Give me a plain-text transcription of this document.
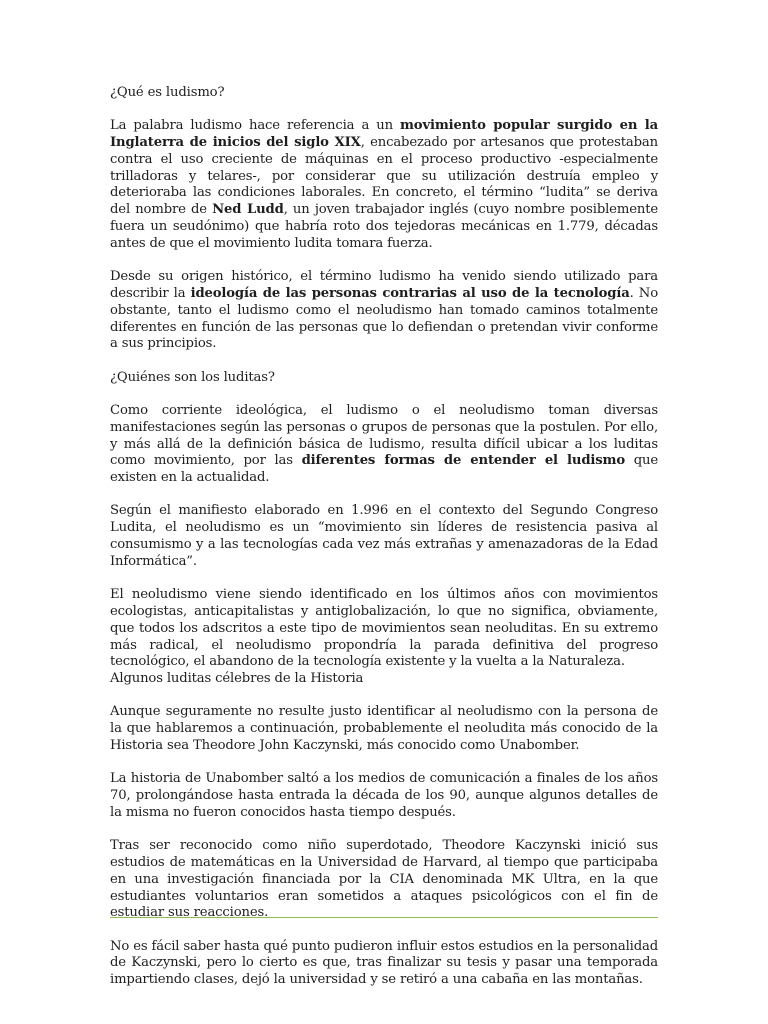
¿Qué es ludismo?

La palabra ludismo hace referencia a un movimiento popular surgido en la Inglaterra de inicios del siglo XIX, encabezado por artesanos que protestaban contra el uso creciente de máquinas en el proceso productivo -especialmente trilladoras y telares-, por considerar que su utilización destruía empleo y deterioraba las condiciones laborales. En concreto, el término “ludita” se deriva del nombre de Ned Ludd, un joven trabajador inglés (cuyo nombre posiblemente fuera un seudónimo) que habría roto dos tejedoras mecánicas en 1.779, décadas antes de que el movimiento ludita tomara fuerza.

Desde su origen histórico, el término ludismo ha venido siendo utilizado para describir la ideología de las personas contrarias al uso de la tecnología. No obstante, tanto el ludismo como el neoludismo han tomado caminos totalmente diferentes en función de las personas que lo defiendan o pretendan vivir conforme a sus principios.

¿Quiénes son los luditas?

Como corriente ideológica, el ludismo o el neoludismo toman diversas manifestaciones según las personas o grupos de personas que la postulen. Por ello, y más allá de la definición básica de ludismo, resulta difícil ubicar a los luditas como movimiento, por las diferentes formas de entender el ludismo que existen en la actualidad.

Según el manifiesto elaborado en 1.996 en el contexto del Segundo Congreso Ludita, el neoludismo es un “movimiento sin líderes de resistencia pasiva al consumismo y a las tecnologías cada vez más extrañas y amenazadoras de la Edad Informática”.

El neoludismo viene siendo identificado en los últimos años con movimientos ecologistas, anticapitalistas y antiglobalización, lo que no significa, obviamente, que todos los adscritos a este tipo de movimientos sean neoluditas. En su extremo más radical, el neoludismo propondría la parada definitiva del progreso tecnológico, el abandono de la tecnología existente y la vuelta a la Naturaleza.

Algunos luditas célebres de la Historia

Aunque seguramente no resulte justo identificar al neoludismo con la persona de la que hablaremos a continuación, probablemente el neoludita más conocido de la Historia sea Theodore John Kaczynski, más conocido como Unabomber.

La historia de Unabomber saltó a los medios de comunicación a finales de los años 70, prolongándose hasta entrada la década de los 90, aunque algunos detalles de la misma no fueron conocidos hasta tiempo después.

Tras ser reconocido como niño superdotado, Theodore Kaczynski inició sus estudios de matemáticas en la Universidad de Harvard, al tiempo que participaba en una investigación financiada por la CIA denominada MK Ultra, en la que estudiantes voluntarios eran sometidos a ataques psicológicos con el fin de estudiar sus reacciones.

No es fácil saber hasta qué punto pudieron influir estos estudios en la personalidad de Kaczynski, pero lo cierto es que, tras finalizar su tesis y pasar una temporada impartiendo clases, dejó la universidad y se retiró a una cabaña en las montañas.
